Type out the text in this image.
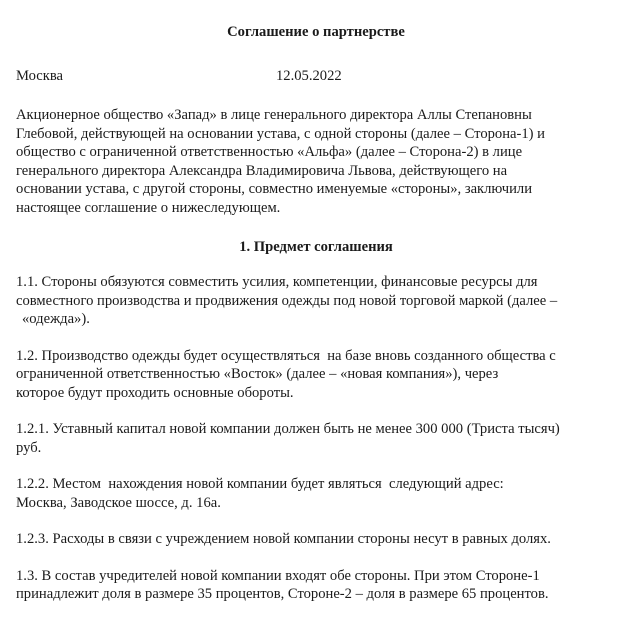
Соглашение о партнерстве
Москва	12.05.2022

Акционерное общество «Запад» в лице генерального директора Аллы Степановны

Глебовой, действующей на основании устава, с одной стороны (далее – Сторона-1) и

общество с ограниченной ответственностью «Альфа» (далее – Сторона-2) в лице

генерального директора Александра Владимировича Львова, действующего на

основании устава, с другой стороны, совместно именуемые «стороны», заключили

настоящее соглашение о нижеследующем.

1. Предмет соглашения

1.1. Стороны обязуются совместить усилия, компетенции, финансовые ресурсы для

совместного производства и продвижения одежды под новой торговой маркой (далее –

«одежда»).

1.2. Производство одежды будет осуществляться  на базе вновь созданного общества с

ограниченной ответственностью «Восток» (далее – «новая компания»), через

которое будут проходить основные обороты.

1.2.1. Уставный капитал новой компании должен быть не менее 300 000 (Триста тысяч)

руб.

1.2.2. Местом  нахождения новой компании будет являться  следующий адрес:

Москва, Заводское шоссе, д. 16а.

1.2.3. Расходы в связи с учреждением новой компании стороны несут в равных долях.

1.3. В состав учредителей новой компании входят обе стороны. При этом Стороне-1

принадлежит доля в размере 35 процентов, Стороне-2 – доля в размере 65 процентов.
